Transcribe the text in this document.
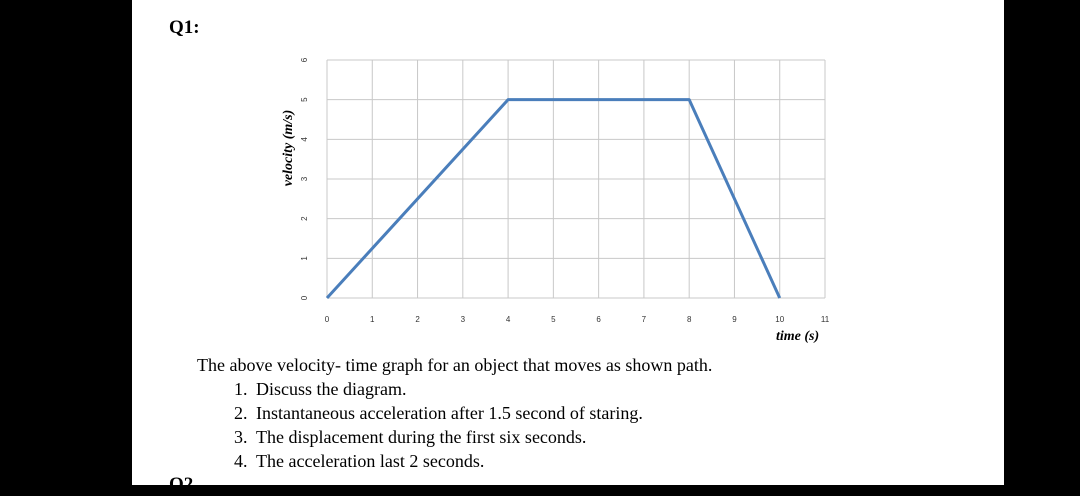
Q1:
0
1
2
3
4
5
6
0	1	2	3	4	5	6	7	8	9	10	11
velocity (m/s)
time (s)
The above velocity- time graph for an object that moves as shown path.
1. Discuss the diagram.
2. Instantaneous acceleration after 1.5 second of staring.
3. The displacement during the first six seconds.
4. The acceleration last 2 seconds.
Q2.
